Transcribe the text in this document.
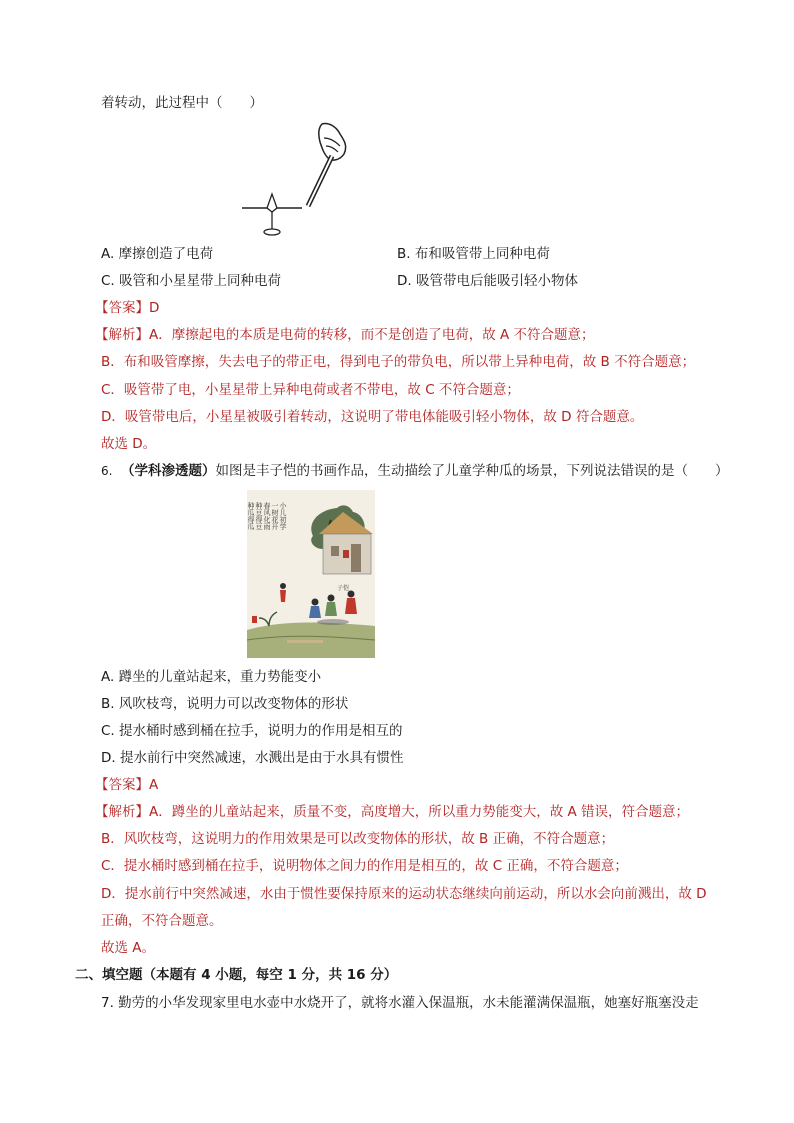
着转动，此过程中（　　）
A. 摩擦创造了电荷	B. 布和吸管带上同种电荷
C. 吸管和小星星带上同种电荷	D. 吸管带电后能吸引轻小物体
【答案】D
【解析】A．摩擦起电的本质是电荷的转移，而不是创造了电荷，故 A 不符合题意；
B．布和吸管摩擦，失去电子的带正电，得到电子的带负电，所以带上异种电荷，故 B 不符合题意；
C．吸管带了电，小星星带上异种电荷或者不带电，故 C 不符合题意；
D．吸管带电后，小星星被吸引着转动，这说明了带电体能吸引轻小物体，故 D 符合题意。
故选 D。
6. （学科渗透题）如图是丰子恺的书画作品，生动描绘了儿童学种瓜的场景，下列说法错误的是（　　）
种瓜得瓜 种豆得豆 春风化雨 一树花开 小儿初学
子恺
A. 蹲坐的儿童站起来，重力势能变小
B. 风吹枝弯，说明力可以改变物体的形状
C. 提水桶时感到桶在拉手，说明力的作用是相互的
D. 提水前行中突然减速，水溅出是由于水具有惯性
【答案】A
【解析】A．蹲坐的儿童站起来，质量不变，高度增大，所以重力势能变大，故 A 错误，符合题意；
B．风吹枝弯，这说明力的作用效果是可以改变物体的形状，故 B 正确，不符合题意；
C．提水桶时感到桶在拉手，说明物体之间力的作用是相互的，故 C 正确，不符合题意；
D．提水前行中突然减速，水由于惯性要保持原来的运动状态继续向前运动，所以水会向前溅出，故 D
正确，不符合题意。
故选 A。
二、填空题（本题有 4 小题，每空 1 分，共 16 分）
7. 勤劳的小华发现家里电水壶中水烧开了，就将水灌入保温瓶，水未能灌满保温瓶，她塞好瓶塞没走
